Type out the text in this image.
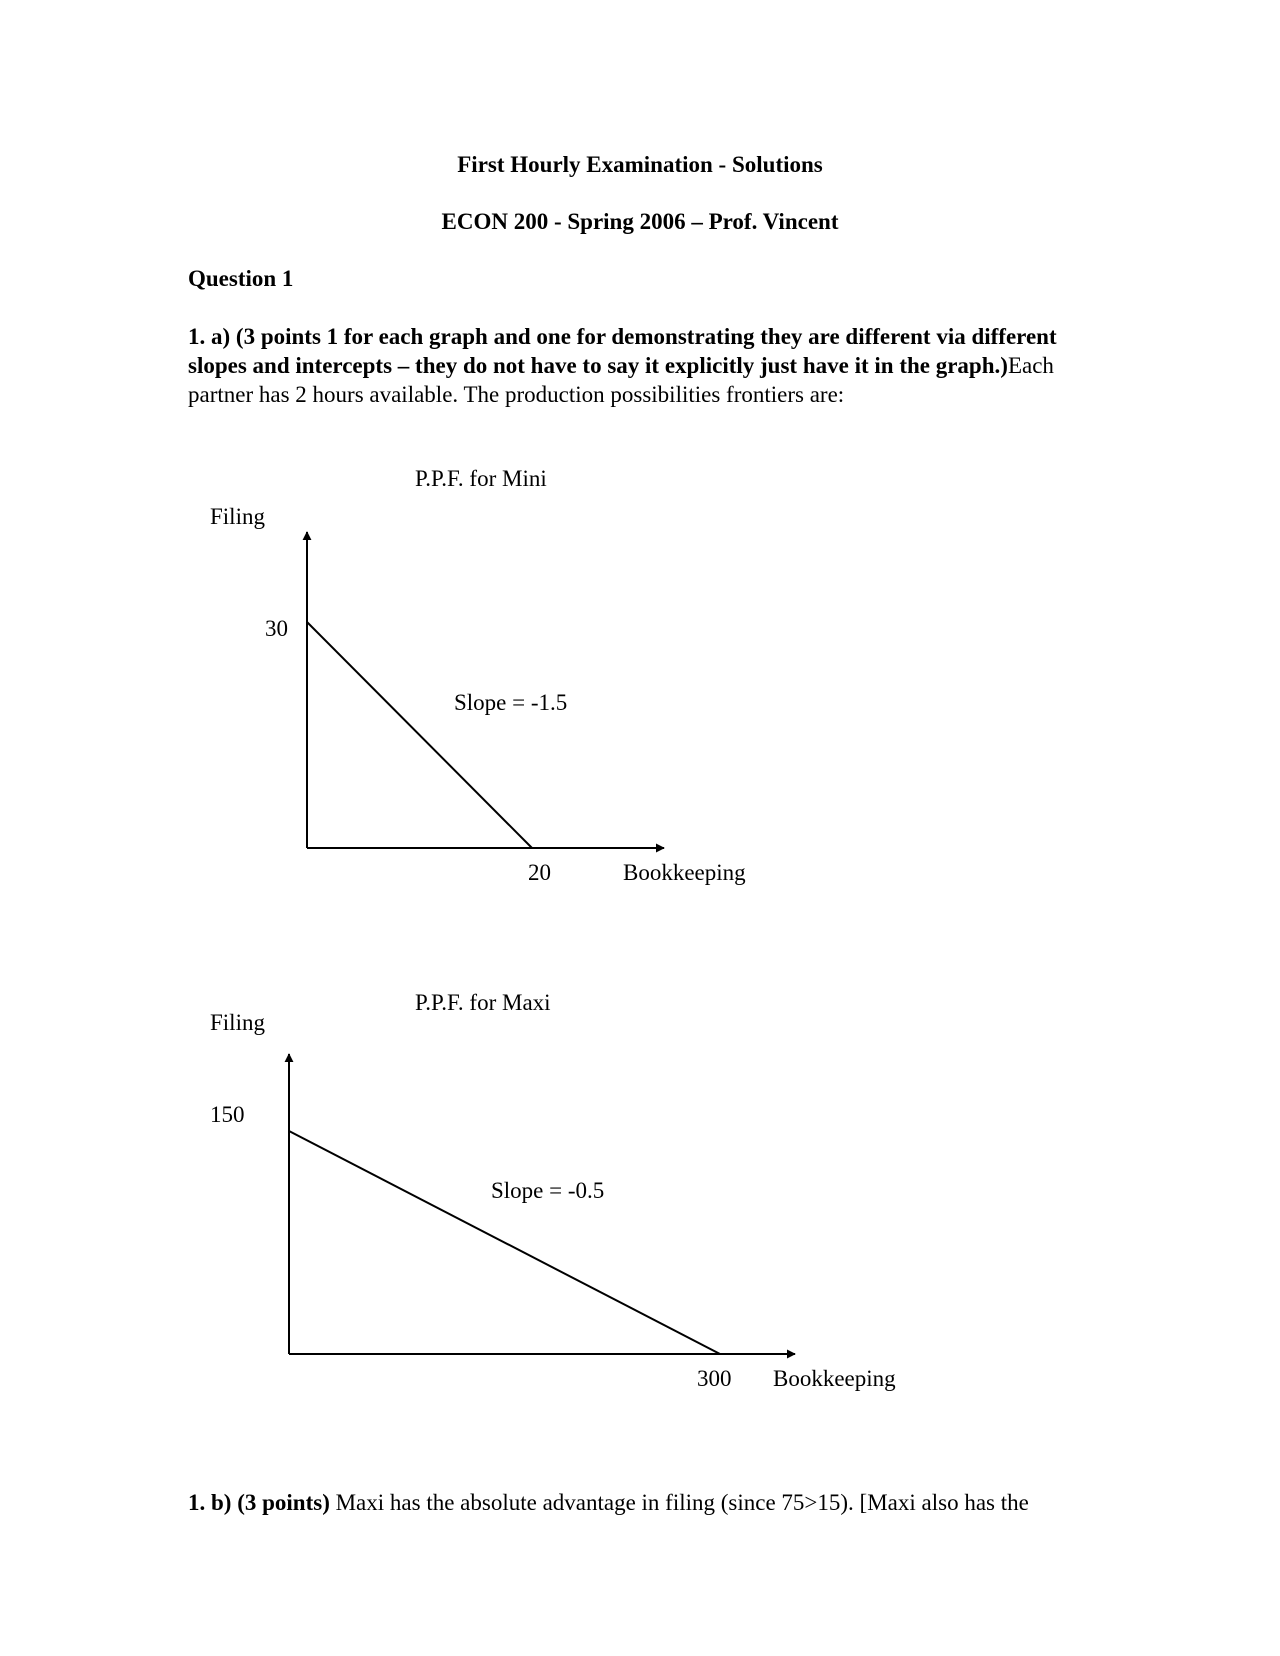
First Hourly Examination - Solutions

ECON 200 - Spring 2006 – Prof. Vincent

Question 1

1. a) (3 points 1 for each graph and one for demonstrating they are different via different slopes and intercepts – they do not have to say it explicitly just have it in the graph.)Each partner has 2 hours available. The production possibilities frontiers are:

P.P.F. for Mini
Filing
30
Slope = -1.5
20	Bookkeeping
P.P.F. for Maxi
Filing
150
Slope = -0.5
300 Bookkeeping

1. b) (3 points) Maxi has the absolute advantage in filing (since 75>15). [Maxi also has the
